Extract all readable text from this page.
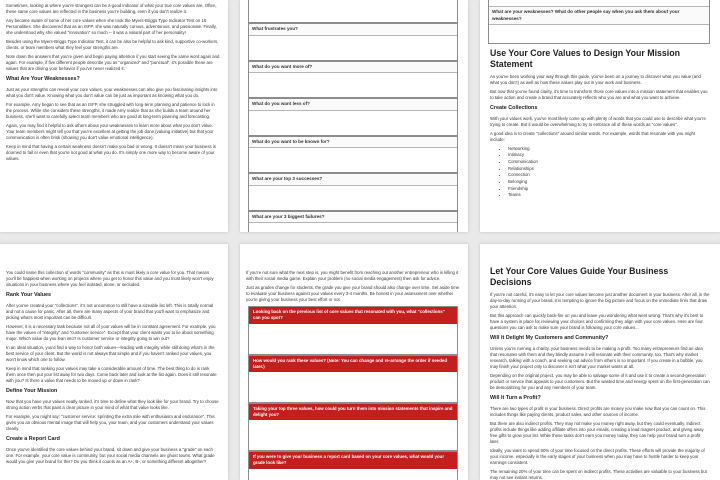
Sometimes, looking at where you're strongest can be a good indicator of what your true core values are. Often, these same core values are reflected in the business you're building, even if you don't realize it.

Any became aware of some of her core values when she took the Myers-Briggs Type Indicator Test on 16 Personalities. She discovered that as an ISFP, she was naturally curious, adventurous, and passionate. Finally, she understood why she valued "innovation" so much -- it was a natural part of her personality!

Besides using the Myers-Briggs Type Indicator Test, it can be also be helpful to ask kind, supportive co-workers, clients, or team members what they feel your strengths are.

Note down the answers that you're given and begin paying attention if you start seeing the same word again and again. For example, if five different people describe you as "organized" and "punctual", it's possible these are values that are driving your behavior if you've never realized it.

What Are Your Weaknesses?

Just as your strengths can reveal your core values, your weaknesses can also give you fascinating insights into what you don't value. Knowing what you don't value can be just as important as knowing what you do.

For example, Amy began to see that as an ISFP, she struggled with long-term planning and patience to lock in the process. While she considers these strengths, it made Amy realize that as she builds a team around her business, she'll want to carefully select team members who are good at long-term planning and forecasting.

Again, you may find it helpful to ask others about your weaknesses to learn more about what you don't value. Your team members might tell you that you're excellent at getting the job done (valuing initiative) but that your communication is often brisk (showing you don't value emotional intelligence).

Keep in mind that having a certain weakness doesn't make you bad or wrong. It doesn't mean your business is doomed to fail or even that you're not good at what you do. It's simply one more way to become aware of your values.

What frustrates you?
What do you want more of?
What do you want less of?
What do you want to be known for?
What are your top 3 successes?
What are your 3 biggest failures?
What are your weaknesses? What do other people say when you ask them about your weaknesses?
Use Your Core Values to Design Your Mission Statement

As you've been working your way through this guide, you've been on a journey to discover what you value (and what you don't) as well as how these values play out in your work and business.

But now that you've found clarity, it's time to transform those core values into a mission statement that enables you to take action and create a brand that accurately reflects who you are and what you want to achieve.

Create Collections

With your values work, you've most likely come up with plenty of words that you could use to describe what you're trying to create. But it would be overwhelming to try to embrace all of these words as "core values".

A good idea is to create "collections" around similar words. For example, words that resonate with you might include:

• Networking
• Intimacy
• Communication
• Relationships
• Connection
• Belonging
• Friendship
• Teams

You could name this collection of words "community" as this is most likely a core value for you. That means you'll be happiest when working on projects where you get to honor this value and you most likely won't enjoy situations in your business where you feel isolated, alone, or secluded.

Rank Your Values

After you've created your "collections", it's not uncommon to still have a sizeable list left. This is totally normal and not a cause for panic. After all, there are many aspects of your brand that you'll want to emphasize and picking what's most important can be difficult.

However, it is a necessary task because not all of your values will be in constant agreement. For example, you have the values of "integrity" and "customer service". Except that your client wants you to lie about something major. Which value do you lean into? Is customer service or integrity going to win out?

In an ideal situation, you'd find a way to honor both values—leading with integrity while still doing what's in the best service of your client. But the world is not always that simple and if you haven't ranked your values, you won't know which one to follow.

Keep in mind that ranking your values may take a considerable amount of time. The best thing to do is rank them once then put your list away for two days. Come back later and look at the list again. Does it still resonate with you? Is there a value that needs to be moved up or down in rank?

Define Your Mission

Now that you have your values neatly ranked, it's time to define what they look like for your brand. Try to choose strong action verbs that paint a clear picture in your mind of what that value looks like.

For example, you might say: "customer service: sprinting the extra mile with enthusiasm and endurance". This gives you an obvious mental image that will help you, your team, and your customers understand your values clearly.

Create a Report Card

Once you've identified the core values behind your brand, sit down and give your business a "grade" on each one. For example, your core value is community, but your social media channels are ghost towns. What grade would you give your brand for this? Do you think it counts as an A+, B-, or something different altogether?

If you're not sure what the next step is, you might benefit from reaching out another entrepreneur who is killing it with their social media game. Explain your problem (no social media engagement) then ask for advice.

Just as grades change for students, the grade you give your brand should also change over time. Set aside time to evaluate your business against your values every 3-4 months. Be honest in your assessment over whether you're giving your business your best effort or not.

Looking back on the previous list of core values that resonated with you, what "collections" can you spot?
How would you rank these values? (Note: You can change and re-arrange the order if needed later.)
Taking your top three values, how could you turn them into mission statements that inspire and delight you?
If you were to give your business a report card based on your core values, what would your grade look like?
Let Your Core Values Guide Your Business Decisions

If you're not careful, it's easy to let your core values become just another document in your business. After all, in the day-to-day running of your brand, it is tempting to ignore the big picture and focus on the immediate fires that draw your attention.

But this approach can quickly back-fire on you and leave you wondering what went wrong. That's why it's best to have a system in place for reviewing your choices and confirming they align with your core values. Here are four questions you can ask to make sure your brand is following your core values...

Will It Delight My Customers and Community?

Unless you're running a charity, your business needs to be making a profit. Too many entrepreneurs find an idea that resonates with them and they blindly assume it will resonate with their community, too. That's why market research, talking with a coach, and seeking out advice from others is so important. If you create in a bubble, you may finish your project only to discover it isn't what your market wants at all.

Depending on the original project, you may be able to salvage some of it and use it to create a second-generation product or service that appeals to your customers. But the wasted time and energy spent on the first-generation can be demoralizing for you and any members of your team.

Will It Turn a Profit?

There are two types of profit in your business. Direct profits are money you make now that you can count on. This includes things like paying clients, product sales, and other sources of income.

But there are also indirect profits. They may not make you money right away, but they could eventually. Indirect profits include things like adding affiliate offers into your emails, creating a lead magnet product, and giving away free gifts to grow your list. While these tasks don't earn you money today, they can help your brand turn a profit later.

Ideally, you want to spend 80% of your time focused on the direct profits. These efforts will provide the majority of your income, especially in the early stages of your business when you may have to hustle harder to keep your earnings consistent.

The remaining 20% of your time can be spent on indirect profits. These activities are valuable to your business but may not see instant returns.
